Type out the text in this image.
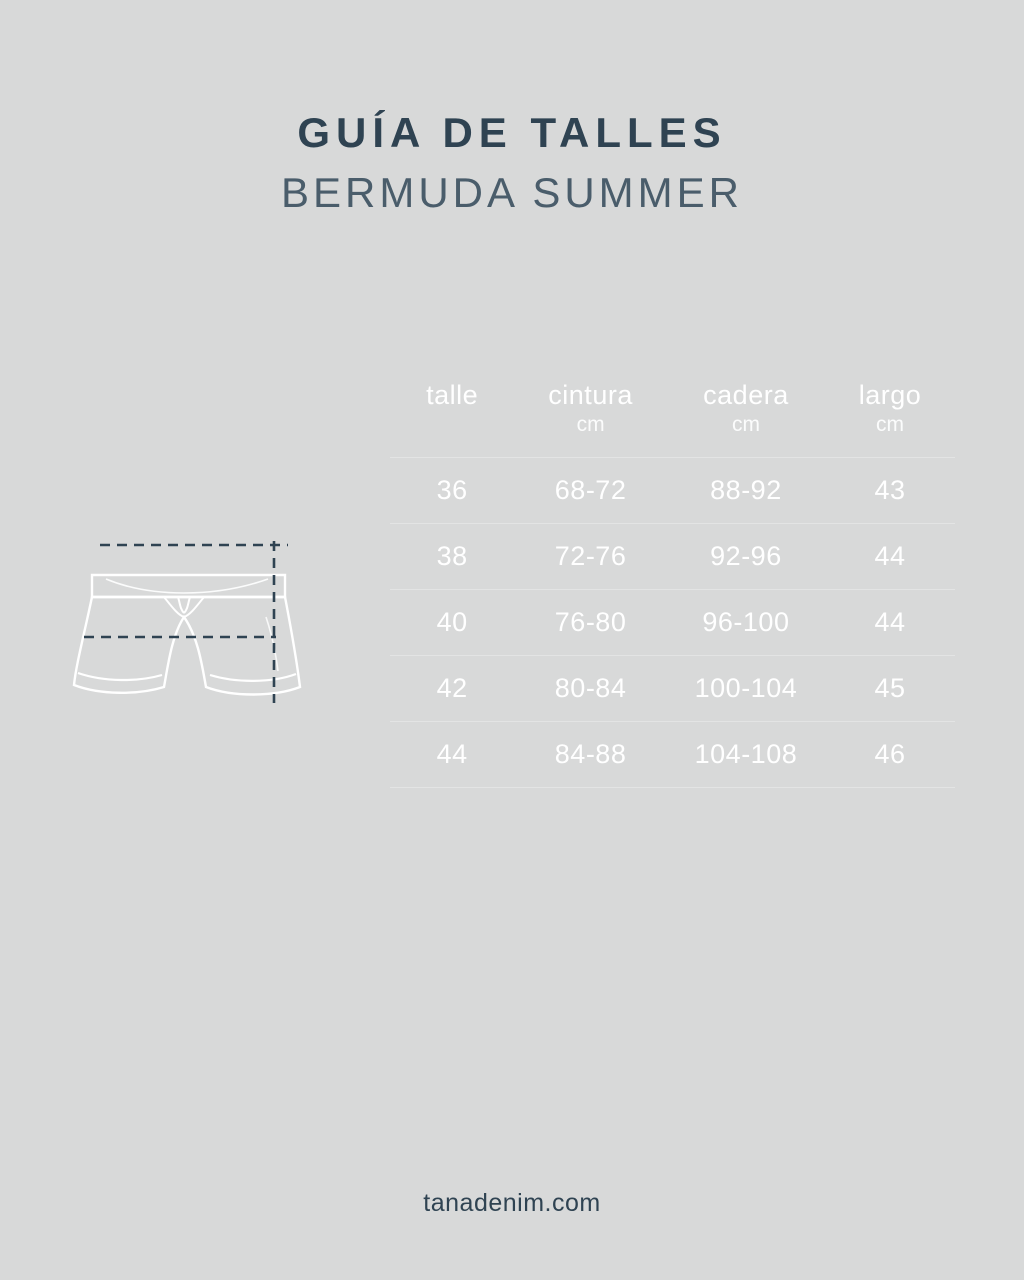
GUÍA DE TALLES
BERMUDA SUMMER
talle	cintura	cadera	largo
	cm	cm	cm
36	68-72	88-92	43
38	72-76	92-96	44
40	76-80	96-100	44
42	80-84	100-104	45
44	84-88	104-108	46
tanadenim.com
